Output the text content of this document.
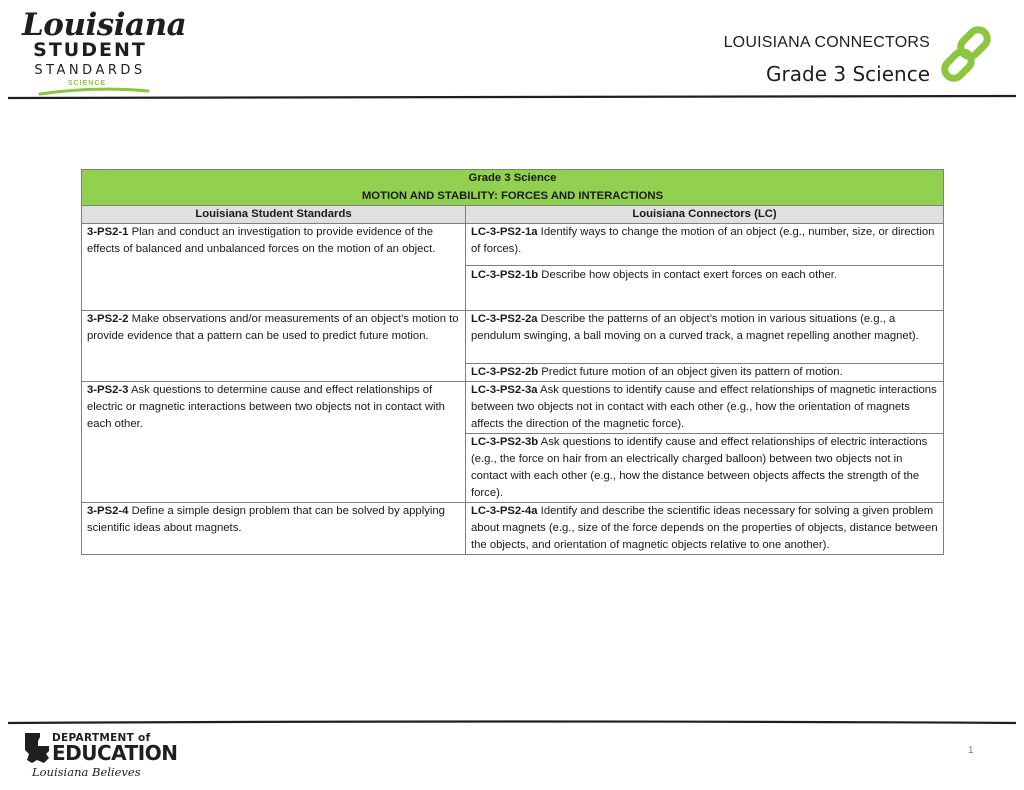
Louisiana
STUDENT
STANDARDS
SCIENCE
LOUISIANA CONNECTORS
Grade 3 Science
Grade 3 Science
MOTION AND STABILITY: FORCES AND INTERACTIONS	

Louisiana Student Standards	Louisiana Connectors (LC)
3-PS2-1 Plan and conduct an investigation to provide evidence of the effects of balanced and unbalanced forces on the motion of an object.	LC-3-PS2-1a Identify ways to change the motion of an object (e.g., number, size, or direction of forces).
	LC-3-PS2-1b Describe how objects in contact exert forces on each other.
3-PS2-2 Make observations and/or measurements of an object’s motion to provide evidence that a pattern can be used to predict future motion.	LC-3-PS2-2a Describe the patterns of an object’s motion in various situations (e.g., a pendulum swinging, a ball moving on a curved track, a magnet repelling another magnet).
	LC-3-PS2-2b Predict future motion of an object given its pattern of motion.
3-PS2-3 Ask questions to determine cause and effect relationships of electric or magnetic interactions between two objects not in contact with each other.	LC-3-PS2-3a Ask questions to identify cause and effect relationships of magnetic interactions between two objects not in contact with each other (e.g., how the orientation of magnets affects the direction of the magnetic force).
	LC-3-PS2-3b Ask questions to identify cause and effect relationships of electric interactions (e.g., the force on hair from an electrically charged balloon) between two objects not in contact with each other (e.g., how the distance between objects affects the strength of the force).
3-PS2-4 Define a simple design problem that can be solved by applying scientific ideas about magnets.	LC-3-PS2-4a Identify and describe the scientific ideas necessary for solving a given problem about magnets (e.g., size of the force depends on the properties of objects, distance between the objects, and orientation of magnetic objects relative to one another).
DEPARTMENT of
EDUCATION
Louisiana Believes
1
